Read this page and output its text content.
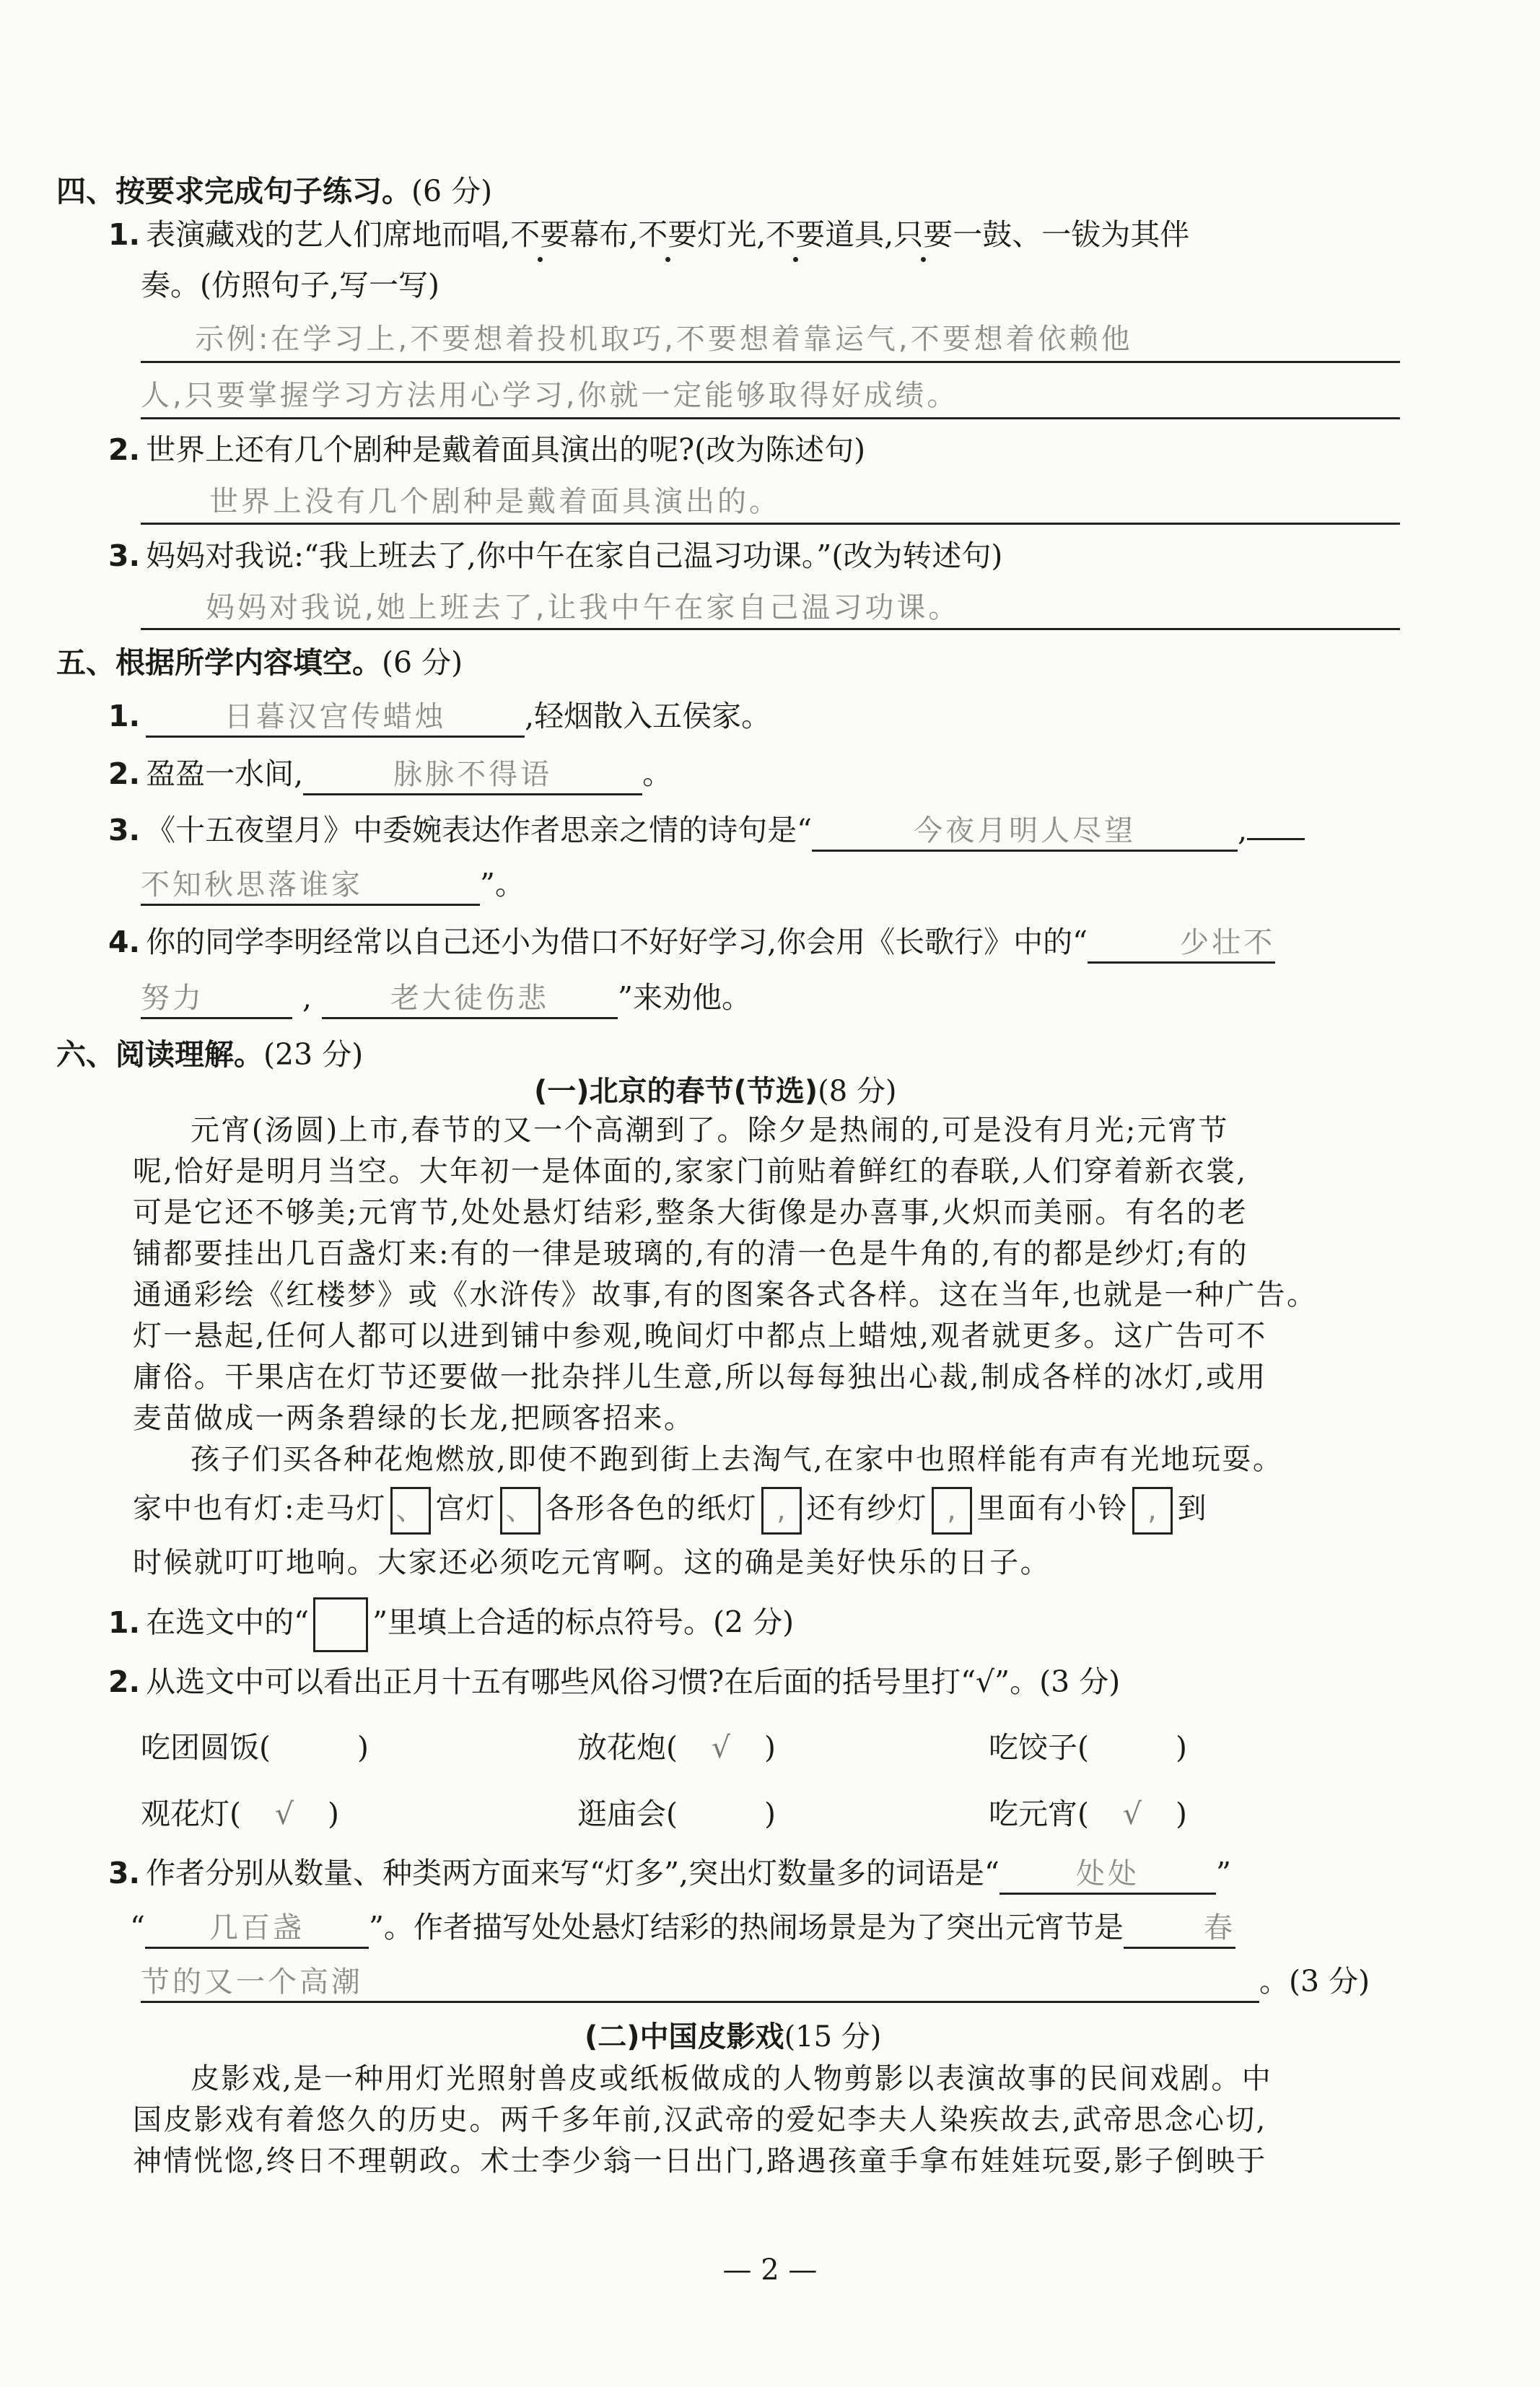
四、按要求完成句子练习。(6 分)
1. 表演藏戏的艺人们席地而唱,不要幕布,不要灯光,不要道具,只要一鼓、一钹为其伴
奏。(仿照句子,写一写)
示例:在学习上,不要想着投机取巧,不要想着靠运气,不要想着依赖他
人,只要掌握学习方法用心学习,你就一定能够取得好成绩。
2. 世界上还有几个剧种是戴着面具演出的呢?(改为陈述句)
世界上没有几个剧种是戴着面具演出的。
3. 妈妈对我说:“我上班去了,你中午在家自己温习功课。”(改为转述句)
妈妈对我说,她上班去了,让我中午在家自己温习功课。
五、根据所学内容填空。(6 分)
1.	日暮汉宫传蜡烛	,轻烟散入五侯家。
2. 盈盈一水间,	脉脉不得语	。
3. 《十五夜望月》中委婉表达作者思亲之情的诗句是“	今夜月明人尽望	,
不知秋思落谁家	”。
4. 你的同学李明经常以自己还小为借口不好好学习,你会用《长歌行》中的“	少壮不
努力	,	老大徒伤悲 ”来劝他。
六、阅读理解。(23 分)
(一)北京的春节(节选)(8 分)

元宵(汤圆)上市,春节的又一个高潮到了。除夕是热闹的,可是没有月光;元宵节

呢,恰好是明月当空。大年初一是体面的,家家门前贴着鲜红的春联,人们穿着新衣裳,

可是它还不够美;元宵节,处处悬灯结彩,整条大街像是办喜事,火炽而美丽。有名的老

铺都要挂出几百盏灯来:有的一律是玻璃的,有的清一色是牛角的,有的都是纱灯;有的

通通彩绘《红楼梦》或《水浒传》故事,有的图案各式各样。这在当年,也就是一种广告。

灯一悬起,任何人都可以进到铺中参观,晚间灯中都点上蜡烛,观者就更多。这广告可不

庸俗。干果店在灯节还要做一批杂拌儿生意,所以每每独出心裁,制成各样的冰灯,或用

麦苗做成一两条碧绿的长龙,把顾客招来。

孩子们买各种花炮燃放,即使不跑到街上去淘气,在家中也照样能有声有光地玩耍。

家中也有灯:走马灯 、 宫灯 、 各形各色的纸灯 , 还有纱灯 , 里面有小铃 , 到
时候就叮叮地响。大家还必须吃元宵啊。这的确是美好快乐的日子。
1. 在选文中的“ ”里填上合适的标点符号。(2 分)
2. 从选文中可以看出正月十五有哪些风俗习惯?在后面的括号里打“√”。(3 分)
吃团圆饭(	)	放花炮( √ )	吃饺子(	)
观花灯( √ )	逛庙会(	)	吃元宵( √ )
3. 作者分别从数量、种类两方面来写“灯多”,突出灯数量多的词语是“	处处	”
“ 几百盏 ”。作者描写处处悬灯结彩的热闹场景是为了突出元宵节是	春
节的又一个高潮	。(3 分)
(二)中国皮影戏(15 分)

皮影戏,是一种用灯光照射兽皮或纸板做成的人物剪影以表演故事的民间戏剧。中

国皮影戏有着悠久的历史。两千多年前,汉武帝的爱妃李夫人染疾故去,武帝思念心切,

神情恍惚,终日不理朝政。术士李少翁一日出门,路遇孩童手拿布娃娃玩耍,影子倒映于

— 2 —
